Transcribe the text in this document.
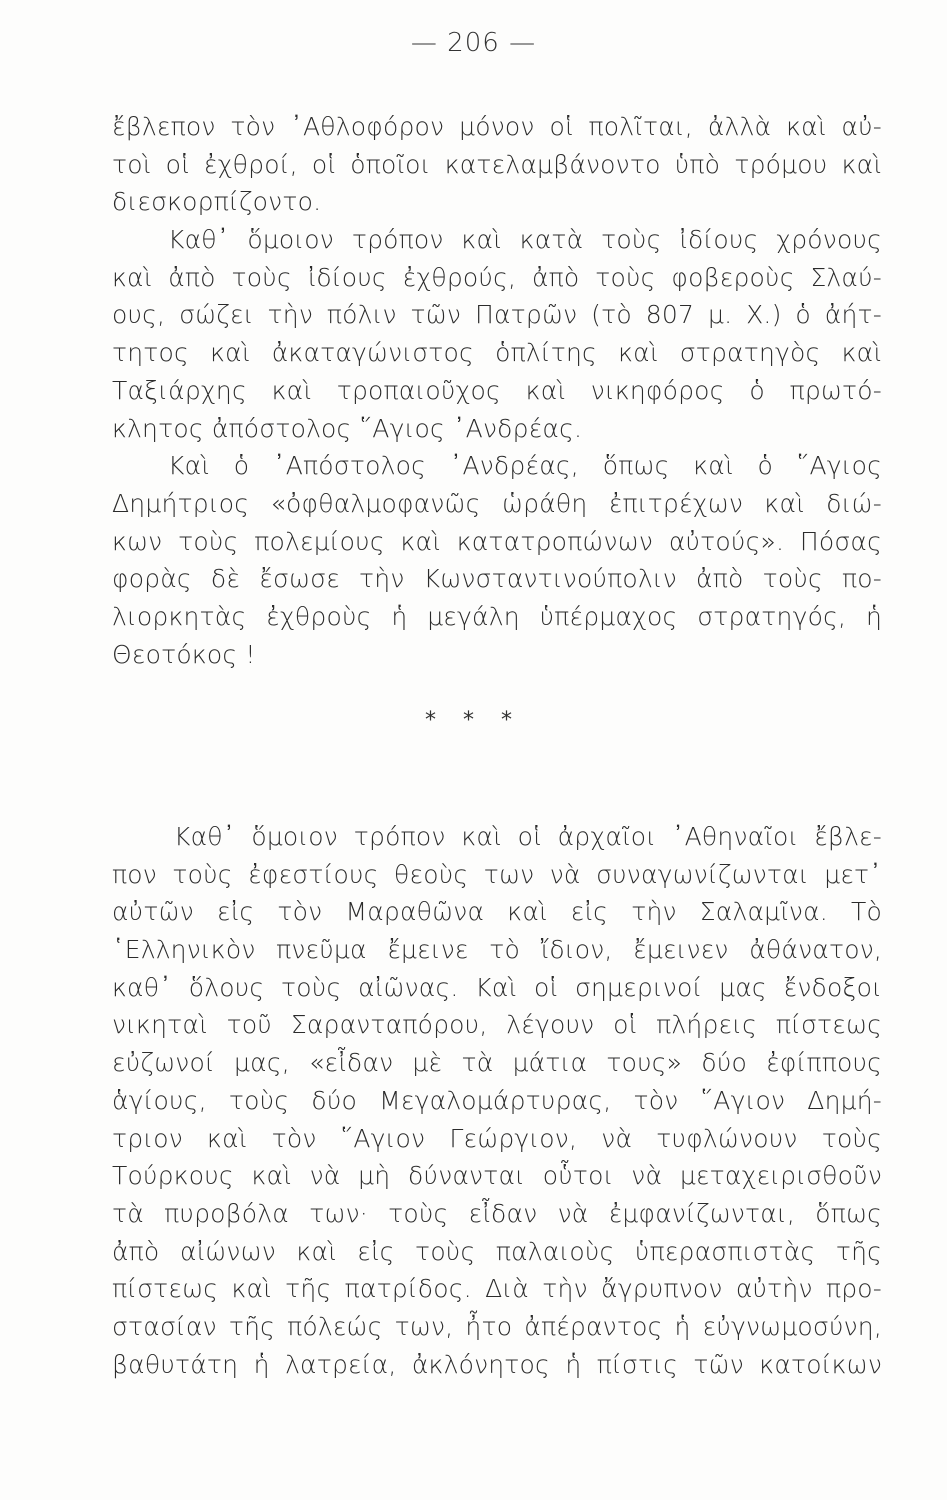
— 206 —
ἔβλεπον τὸν ᾿Αθλοφόρον μόνον οἱ πολῖται, ἀλλὰ καὶ αὐ-
τοὶ οἱ ἐχθροί, οἱ ὁποῖοι κατελαμβάνοντο ὑπὸ τρόμου καὶ
διεσκορπίζοντο.
Καθ᾿ ὅμοιον τρόπον καὶ κατὰ τοὺς ἰδίους χρόνους
καὶ ἀπὸ τοὺς ἰδίους ἐχθρούς, ἀπὸ τοὺς φοβεροὺς Σλαύ-
ους, σώζει τὴν πόλιν τῶν Πατρῶν (τὸ 807 μ. Χ.) ὁ ἀήτ-
τητος καὶ ἀκαταγώνιστος ὁπλίτης καὶ στρατηγὸς καὶ
Ταξιάρχης καὶ τροπαιοῦχος καὶ νικηφόρος ὁ πρωτό-
κλητος ἀπόστολος ῞Αγιος ᾿Ανδρέας.
Καὶ ὁ ᾿Απόστολος ᾿Ανδρέας, ὅπως καὶ ὁ ῞Αγιος
Δημήτριος «ὀφθαλμοφανῶς ὡράθη ἐπιτρέχων καὶ διώ-
κων τοὺς πολεμίους καὶ κατατροπώνων αὐτούς». Πόσας
φορὰς δὲ ἔσωσε τὴν Κωνσταντινούπολιν ἀπὸ τοὺς πο-
λιορκητὰς ἐχθροὺς ἡ μεγάλη ὑπέρμαχος στρατηγός, ἡ
Θεοτόκος !
* * *
Καθ᾿ ὅμοιον τρόπον καὶ οἱ ἀρχαῖοι ᾿Αθηναῖοι ἔβλε-
πον τοὺς ἐφεστίους θεοὺς των νὰ συναγωνίζωνται μετ᾿
αὐτῶν εἰς τὸν Μαραθῶνα καὶ εἰς τὴν Σαλαμῖνα. Τὸ
῾Ελληνικὸν πνεῦμα ἔμεινε τὸ ἴδιον, ἔμεινεν ἀθάνατον,
καθ᾿ ὅλους τοὺς αἰῶνας. Καὶ οἱ σημερινοί μας ἔνδοξοι
νικηταὶ τοῦ Σαρανταπόρου, λέγουν οἱ πλήρεις πίστεως
εὐζωνοί μας, «εἶδαν μὲ τὰ μάτια τους» δύο ἐφίππους
ἁγίους, τοὺς δύο Μεγαλομάρτυρας, τὸν ῞Αγιον Δημή-
τριον καὶ τὸν ῞Αγιον Γεώργιον, νὰ τυφλώνουν τοὺς
Τούρκους καὶ νὰ μὴ δύνανται οὗτοι νὰ μεταχειρισθοῦν
τὰ πυροβόλα των· τοὺς εἶδαν νὰ ἐμφανίζωνται, ὅπως
ἀπὸ αἰώνων καὶ εἰς τοὺς παλαιοὺς ὑπερασπιστὰς τῆς
πίστεως καὶ τῆς πατρίδος. Διὰ τὴν ἄγρυπνον αὐτὴν προ-
στασίαν τῆς πόλεώς των, ἦτο ἀπέραντος ἡ εὐγνωμοσύνη,
βαθυτάτη ἡ λατρεία, ἀκλόνητος ἡ πίστις τῶν κατοίκων
